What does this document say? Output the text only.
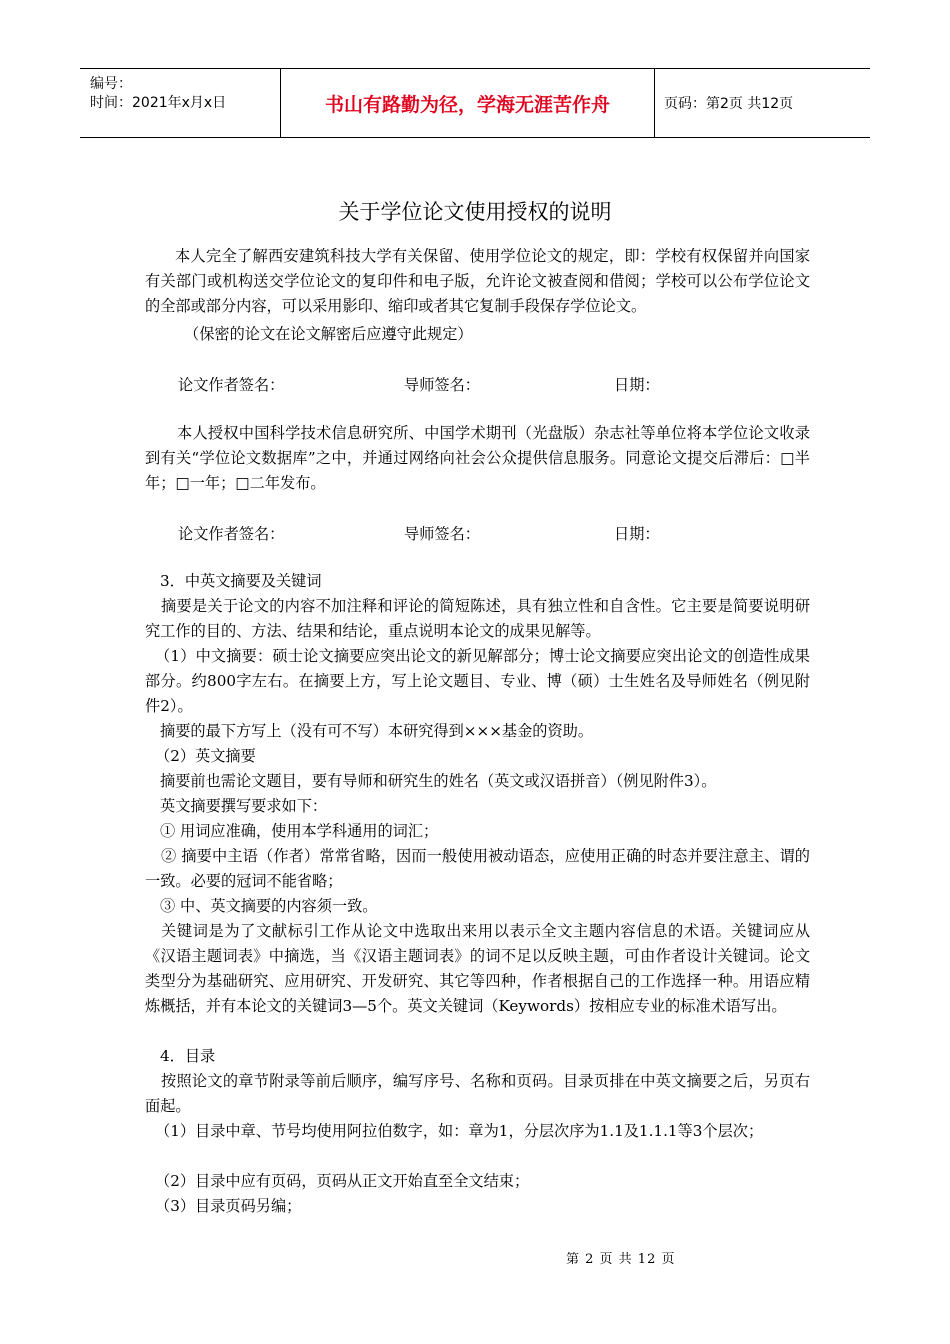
编号：
时间：2021年x月x日	书山有路勤为径，学海无涯苦作舟	页码：第2页 共12页
关于学位论文使用授权的说明
本人完全了解西安建筑科技大学有关保留、使用学位论文的规定，即：学校有权保留并向国家有关部门或机构送交学位论文的复印件和电子版，允许论文被查阅和借阅；学校可以公布学位论文的全部或部分内容，可以采用影印、缩印或者其它复制手段保存学位论文。
（保密的论文在论文解密后应遵守此规定）
论文作者签名：	导师签名：	日期：
本人授权中国科学技术信息研究所、中国学术期刊（光盘版）杂志社等单位将本学位论文收录到有关“学位论文数据库”之中，并通过网络向社会公众提供信息服务。同意论文提交后滞后：□半年；□一年；□二年发布。
论文作者签名：	导师签名：	日期：
3．中英文摘要及关键词
摘要是关于论文的内容不加注释和评论的简短陈述，具有独立性和自含性。它主要是简要说明研究工作的目的、方法、结果和结论，重点说明本论文的成果见解等。
（1）中文摘要：硕士论文摘要应突出论文的新见解部分；博士论文摘要应突出论文的创造性成果部分。约800字左右。在摘要上方，写上论文题目、专业、博（硕）士生姓名及导师姓名（例见附件2）。
摘要的最下方写上（没有可不写）本研究得到×××基金的资助。
（2）英文摘要
摘要前也需论文题目，要有导师和研究生的姓名（英文或汉语拼音）（例见附件3）。
英文摘要撰写要求如下：
① 用词应准确，使用本学科通用的词汇；
② 摘要中主语（作者）常常省略，因而一般使用被动语态，应使用正确的时态并要注意主、谓的一致。必要的冠词不能省略；
③ 中、英文摘要的内容须一致。
关键词是为了文献标引工作从论文中选取出来用以表示全文主题内容信息的术语。关键词应从《汉语主题词表》中摘选，当《汉语主题词表》的词不足以反映主题，可由作者设计关键词。论文类型分为基础研究、应用研究、开发研究、其它等四种，作者根据自己的工作选择一种。用语应精炼概括，并有本论文的关键词3—5个。英文关键词（Keywords）按相应专业的标准术语写出。
4．目录
按照论文的章节附录等前后顺序，编写序号、名称和页码。目录页排在中英文摘要之后，另页右面起。
（1）目录中章、节号均使用阿拉伯数字，如：章为1，分层次序为1.1及1.1.1等3个层次；
（2）目录中应有页码，页码从正文开始直至全文结束；
（3）目录页码另编；
第 2 页 共 12 页
